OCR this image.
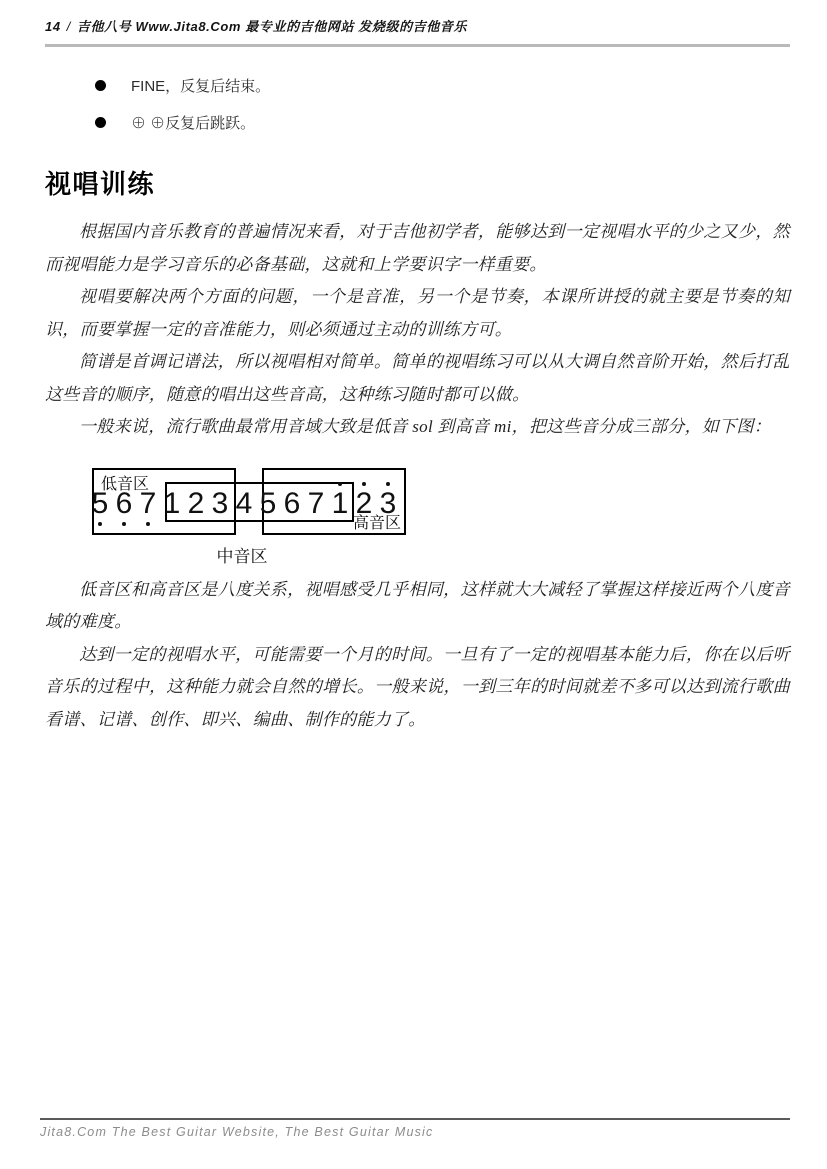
14 / 吉他八号 Www.Jita8.Com 最专业的吉他网站 发烧级的吉他音乐
FINE，反复后结束。
⊕ ⊕反复后跳跃。
视唱训练

根据国内音乐教育的普遍情况来看，对于吉他初学者，能够达到一定视唱水平的少之又少，然而视唱能力是学习音乐的必备基础，这就和上学要识字一样重要。

视唱要解决两个方面的问题，一个是音准，另一个是节奏，本课所讲授的就主要是节奏的知识，而要掌握一定的音准能力，则必须通过主动的训练方可。

简谱是首调记谱法，所以视唱相对简单。简单的视唱练习可以从大调自然音阶开始，然后打乱这些音的顺序，随意的唱出这些音高，这种练习随时都可以做。

一般来说，流行歌曲最常用音域大致是低音 sol 到高音 mi，把这些音分成三部分，如下图：

低音区
高音区
5 6 7 1 2 3 4 5 6 7 1 2 3
中音区

低音区和高音区是八度关系，视唱感受几乎相同，这样就大大减轻了掌握这样接近两个八度音域的难度。

达到一定的视唱水平，可能需要一个月的时间。一旦有了一定的视唱基本能力后，你在以后听音乐的过程中，这种能力就会自然的增长。一般来说，一到三年的时间就差不多可以达到流行歌曲看谱、记谱、创作、即兴、编曲、制作的能力了。

Jita8.Com The Best Guitar Website, The Best Guitar Music
